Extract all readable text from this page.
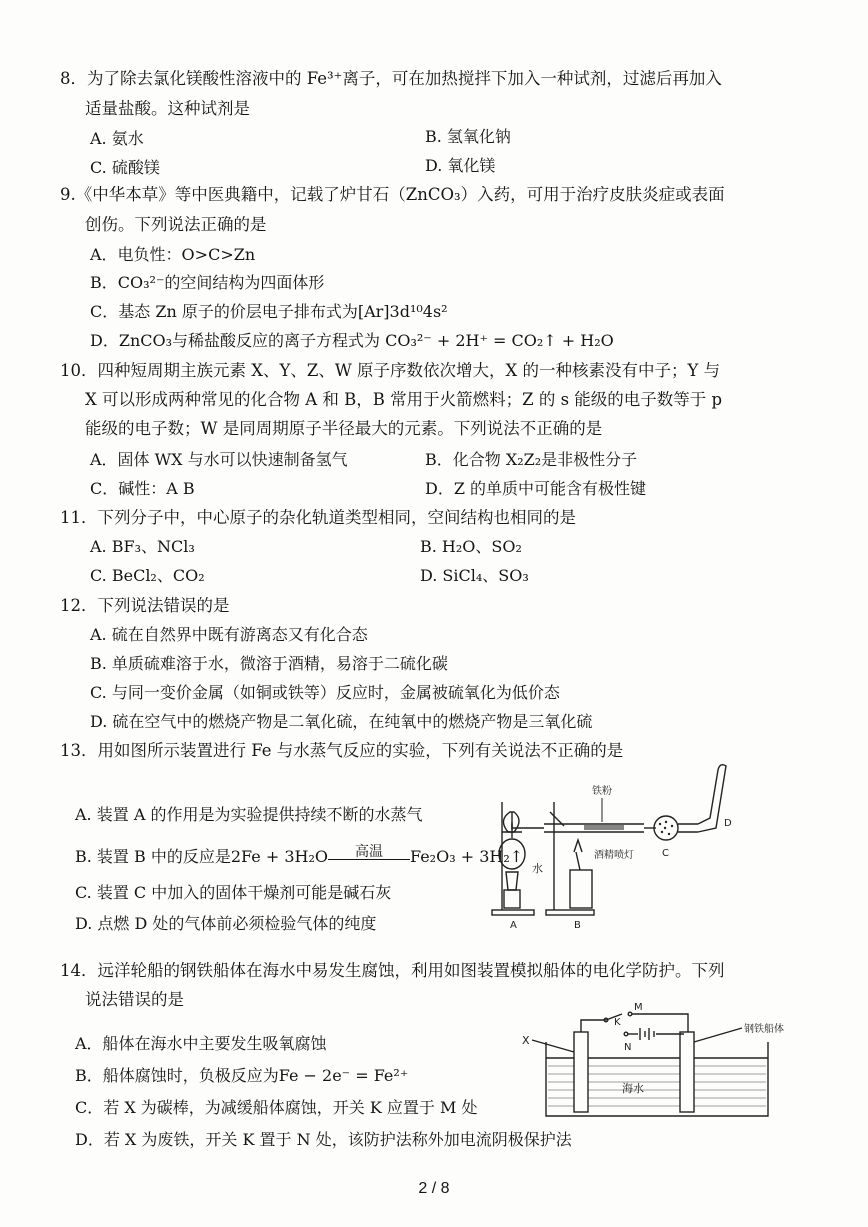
8．为了除去氯化镁酸性溶液中的 Fe³⁺离子，可在加热搅拌下加入一种试剂，过滤后再加入
适量盐酸。这种试剂是
A. 氨水	B. 氢氧化钠
C. 硫酸镁	D. 氧化镁
9.《中华本草》等中医典籍中，记载了炉甘石（ZnCO₃）入药，可用于治疗皮肤炎症或表面
创伤。下列说法正确的是
A．电负性：O>C>Zn
B．CO₃²⁻的空间结构为四面体形
C．基态 Zn 原子的价层电子排布式为[Ar]3d¹⁰4s²
D．ZnCO₃与稀盐酸反应的离子方程式为 CO₃²⁻ + 2H⁺ = CO₂↑ + H₂O
10．四种短周期主族元素 X、Y、Z、W 原子序数依次增大，X 的一种核素没有中子；Y 与
X 可以形成两种常见的化合物 A 和 B，B 常用于火箭燃料；Z 的 s 能级的电子数等于 p
能级的电子数；W 是同周期原子半径最大的元素。下列说法不正确的是
A．固体 WX 与水可以快速制备氢气	B．化合物 X₂Z₂是非极性分子
C．碱性：A B	D．Z 的单质中可能含有极性键
11．下列分子中，中心原子的杂化轨道类型相同，空间结构也相同的是
A. BF₃、NCl₃	B. H₂O、SO₂
C. BeCl₂、CO₂	D. SiCl₄、SO₃
12．下列说法错误的是
A. 硫在自然界中既有游离态又有化合态
B. 单质硫难溶于水，微溶于酒精，易溶于二硫化碳
C. 与同一变价金属（如铜或铁等）反应时，金属被硫氧化为低价态
D. 硫在空气中的燃烧产物是二氧化硫，在纯氧中的燃烧产物是三氧化硫
13．用如图所示装置进行 Fe 与水蒸气反应的实验，下列有关说法不正确的是
A. 装置 A 的作用是为实验提供持续不断的水蒸气
B. 装置 B 中的反应是2Fe + 3H₂O	高温	Fe₂O₃ + 3H₂↑
C. 装置 C 中加入的固体干燥剂可能是碱石灰
D. 点燃 D 处的气体前必须检验气体的纯度
铁粉
水
酒精喷灯
A	B
C
D
14．远洋轮船的钢铁船体在海水中易发生腐蚀，利用如图装置模拟船体的电化学防护。下列
说法错误的是
A．船体在海水中主要发生吸氧腐蚀
B．船体腐蚀时，负极反应为Fe − 2e⁻ = Fe²⁺
C．若 X 为碳棒，为减缓船体腐蚀，开关 K 应置于 M 处
D．若 X 为废铁，开关 K 置于 N 处，该防护法称外加电流阴极保护法
X
K
M
N
钢铁船体
海水
2 / 8
